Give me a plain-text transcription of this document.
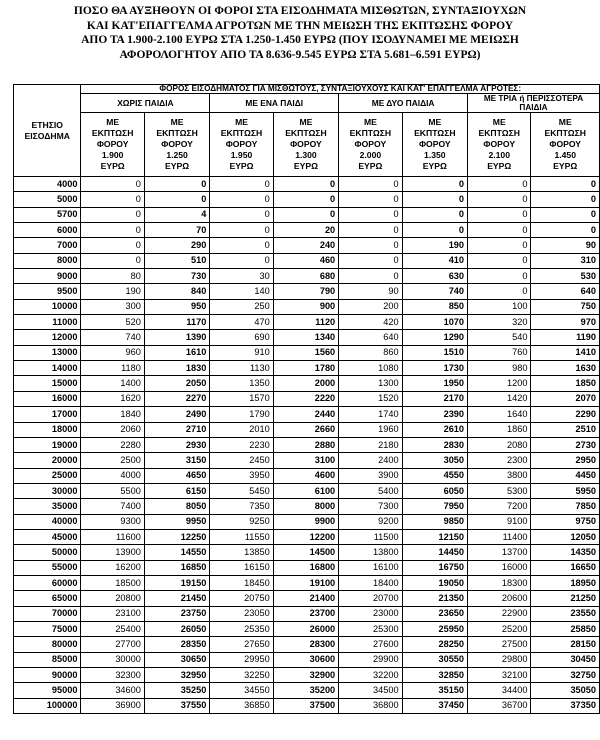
ΠΟΣΟ ΘΑ ΑΥΞΗΘΟΥΝ ΟΙ ΦΟΡΟΙ ΣΤΑ ΕΙΣΟΔΗΜΑΤΑ ΜΙΣΘΩΤΩΝ, ΣΥΝΤΑΞΙΟΥΧΩΝ
ΚΑΙ ΚΑΤ'ΕΠΑΓΓΕΛΜΑ ΑΓΡΟΤΩΝ ΜΕ ΤΗΝ ΜΕΙΩΣΗ ΤΗΣ ΕΚΠΤΩΣΗΣ ΦΟΡΟΥ
ΑΠΟ ΤΑ 1.900-2.100 ΕΥΡΩ ΣΤΑ 1.250-1.450 ΕΥΡΩ (ΠΟΥ ΙΣΟΔΥΝΑΜΕΙ ΜΕ ΜΕΙΩΣΗ
ΑΦΟΡΟΛΟΓΗΤΟΥ ΑΠΟ ΤΑ 8.636-9.545 ΕΥΡΩ ΣΤΑ 5.681–6.591 ΕΥΡΩ)
ΕΤΗΣΙΟ
ΕΙΣΟΔΗΜΑ	ΦΟΡΟΣ ΕΙΣΟΔΗΜΑΤΟΣ ΓΙΑ ΜΙΣΘΩΤΟΥΣ, ΣΥΝΤΑΞΙΟΥΧΟΥΣ ΚΑΙ ΚΑΤ' ΕΠΑΓΓΕΛΜΑ ΑΓΡΟΤΕΣ:							
	ΧΩΡΙΣ ΠΑΙΔΙΑ		ΜΕ ΕΝΑ ΠΑΙΔΙ		ΜΕ ΔΥΟ ΠΑΙΔΙΑ		ΜΕ ΤΡΙΑ ή ΠΕΡΙΣΣΟΤΕΡΑ ΠΑΙΔΙΑ	
	ΜΕ
ΕΚΠΤΩΣΗ
ΦΟΡΟΥ
1.900
ΕΥΡΩ	ΜΕ
ΕΚΠΤΩΣΗ
ΦΟΡΟΥ
1.250
ΕΥΡΩ	ΜΕ
ΕΚΠΤΩΣΗ
ΦΟΡΟΥ
1.950
ΕΥΡΩ	ΜΕ
ΕΚΠΤΩΣΗ
ΦΟΡΟΥ
1.300
ΕΥΡΩ	ΜΕ
ΕΚΠΤΩΣΗ
ΦΟΡΟΥ
2.000
ΕΥΡΩ	ΜΕ
ΕΚΠΤΩΣΗ
ΦΟΡΟΥ
1.350
ΕΥΡΩ	ΜΕ
ΕΚΠΤΩΣΗ
ΦΟΡΟΥ
2.100
ΕΥΡΩ	ΜΕ
ΕΚΠΤΩΣΗ
ΦΟΡΟΥ
1.450
ΕΥΡΩ
4000	0	0	0	0	0	0	0	0
5000	0	0	0	0	0	0	0	0
5700	0	4	0	0	0	0	0	0
6000	0	70	0	20	0	0	0	0
7000	0	290	0	240	0	190	0	90
8000	0	510	0	460	0	410	0	310
9000	80	730	30	680	0	630	0	530
9500	190	840	140	790	90	740	0	640
10000	300	950	250	900	200	850	100	750
11000	520	1170	470	1120	420	1070	320	970
12000	740	1390	690	1340	640	1290	540	1190
13000	960	1610	910	1560	860	1510	760	1410
14000	1180	1830	1130	1780	1080	1730	980	1630
15000	1400	2050	1350	2000	1300	1950	1200	1850
16000	1620	2270	1570	2220	1520	2170	1420	2070
17000	1840	2490	1790	2440	1740	2390	1640	2290
18000	2060	2710	2010	2660	1960	2610	1860	2510
19000	2280	2930	2230	2880	2180	2830	2080	2730
20000	2500	3150	2450	3100	2400	3050	2300	2950
25000	4000	4650	3950	4600	3900	4550	3800	4450
30000	5500	6150	5450	6100	5400	6050	5300	5950
35000	7400	8050	7350	8000	7300	7950	7200	7850
40000	9300	9950	9250	9900	9200	9850	9100	9750
45000	11600	12250	11550	12200	11500	12150	11400	12050
50000	13900	14550	13850	14500	13800	14450	13700	14350
55000	16200	16850	16150	16800	16100	16750	16000	16650
60000	18500	19150	18450	19100	18400	19050	18300	18950
65000	20800	21450	20750	21400	20700	21350	20600	21250
70000	23100	23750	23050	23700	23000	23650	22900	23550
75000	25400	26050	25350	26000	25300	25950	25200	25850
80000	27700	28350	27650	28300	27600	28250	27500	28150
85000	30000	30650	29950	30600	29900	30550	29800	30450
90000	32300	32950	32250	32900	32200	32850	32100	32750
95000	34600	35250	34550	35200	34500	35150	34400	35050
100000	36900	37550	36850	37500	36800	37450	36700	37350
